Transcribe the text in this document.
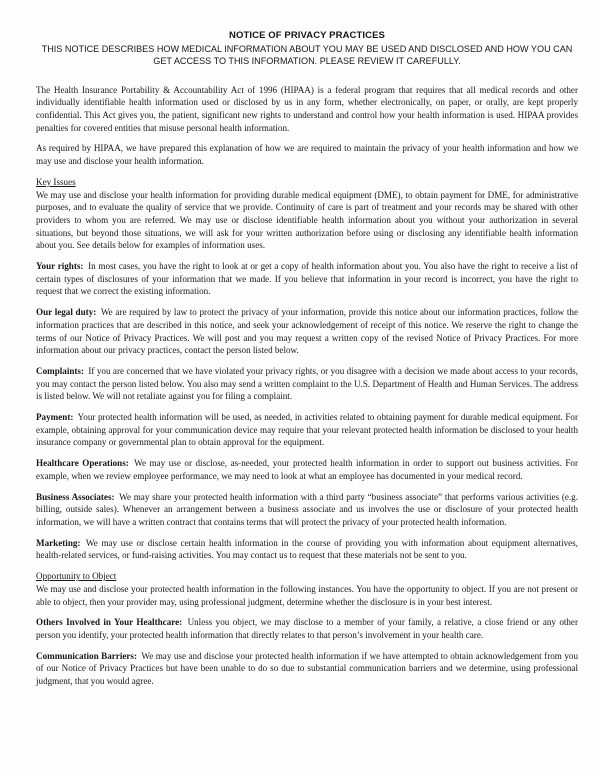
NOTICE OF PRIVACY PRACTICES

THIS NOTICE DESCRIBES HOW MEDICAL INFORMATION ABOUT YOU MAY BE USED AND DISCLOSED AND HOW YOU CAN GET ACCESS TO THIS INFORMATION. PLEASE REVIEW IT CAREFULLY.

The Health Insurance Portability & Accountability Act of 1996 (HIPAA) is a federal program that requires that all medical records and other individually identifiable health information used or disclosed by us in any form, whether electronically, on paper, or orally, are kept properly confidential. This Act gives you, the patient, significant new rights to understand and control how your health information is used. HIPAA provides penalties for covered entities that misuse personal health information.

As required by HIPAA, we have prepared this explanation of how we are required to maintain the privacy of your health information and how we may use and disclose your health information.

Key Issues

We may use and disclose your health information for providing durable medical equipment (DME), to obtain payment for DME, for administrative purposes, and to evaluate the quality of service that we provide. Continuity of care is part of treatment and your records may be shared with other providers to whom you are referred. We may use or disclose identifiable health information about you without your authorization in several situations, but beyond those situations, we will ask for your written authorization before using or disclosing any identifiable health information about you. See details below for examples of information uses.

Your rights: In most cases, you have the right to look at or get a copy of health information about you. You also have the right to receive a list of certain types of disclosures of your information that we made. If you believe that information in your record is incorrect, you have the right to request that we correct the existing information.

Our legal duty: We are required by law to protect the privacy of your information, provide this notice about our information practices, follow the information practices that are described in this notice, and seek your acknowledgement of receipt of this notice. We reserve the right to change the terms of our Notice of Privacy Practices. We will post and you may request a written copy of the revised Notice of Privacy Practices. For more information about our privacy practices, contact the person listed below.

Complaints: If you are concerned that we have violated your privacy rights, or you disagree with a decision we made about access to your records, you may contact the person listed below. You also may send a written complaint to the U.S. Department of Health and Human Services. The address is listed below. We will not retaliate against you for filing a complaint.

Payment: Your protected health information will be used, as needed, in activities related to obtaining payment for durable medical equipment. For example, obtaining approval for your communication device may require that your relevant protected health information be disclosed to your health insurance company or governmental plan to obtain approval for the equipment.

Healthcare Operations: We may use or disclose, as-needed, your protected health information in order to support out business activities. For example, when we review employee performance, we may need to look at what an employee has documented in your medical record.

Business Associates: We may share your protected health information with a third party “business associate” that performs various activities (e.g. billing, outside sales). Whenever an arrangement between a business associate and us involves the use or disclosure of your protected health information, we will have a written contract that contains terms that will protect the privacy of your protected health information.

Marketing: We may use or disclose certain health information in the course of providing you with information about equipment alternatives, health-related services, or fund-raising activities. You may contact us to request that these materials not be sent to you.

Opportunity to Object

We may use and disclose your protected health information in the following instances. You have the opportunity to object. If you are not present or able to object, then your provider may, using professional judgment, determine whether the disclosure is in your best interest.

Others Involved in Your Healthcare: Unless you object, we may disclose to a member of your family, a relative, a close friend or any other person you identify, your protected health information that directly relates to that person’s involvement in your health care.

Communication Barriers: We may use and disclose your protected health information if we have attempted to obtain acknowledgement from you of our Notice of Privacy Practices but have been unable to do so due to substantial communication barriers and we determine, using professional judgment, that you would agree.
